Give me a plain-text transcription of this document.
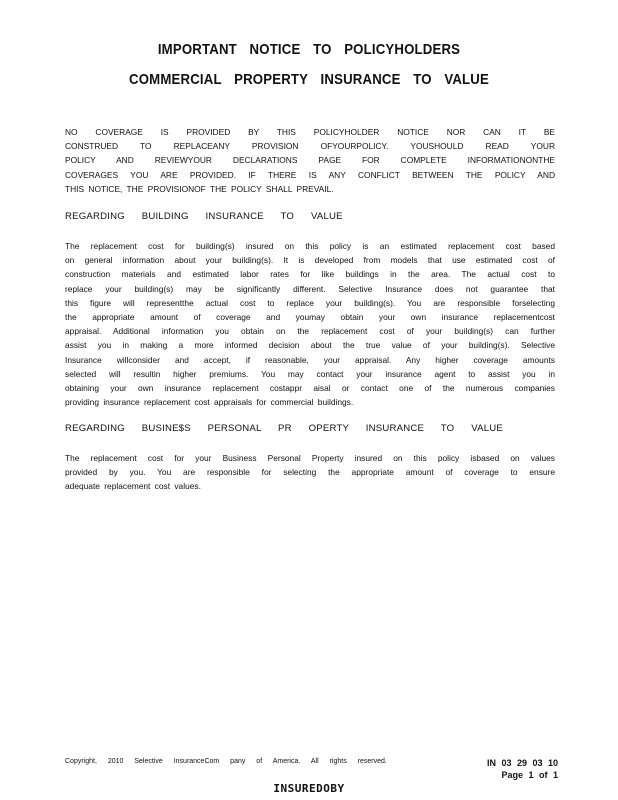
IMPORTANT NOTICE TO POLICYHOLDERS
COMMERCIAL PROPERTY INSURANCE TO VALUE
NO COVERAGE IS PROVIDED BY THIS POLICYHOLDER NOTICE NOR CAN IT BE
CONSTRUED TO REPLACEANY PROVISION OFYOURPOLICY. YOUSHOULD READ YOUR
POLICY AND REVIEWYOUR DECLARATIONS PAGE FOR COMPLETE INFORMATIONONTHE
COVERAGES YOU ARE PROVIDED. IF THERE IS ANY CONFLICT BETWEEN THE POLICY AND
THIS NOTICE, THE PROVISIONOF THE POLICY SHALL PREVAIL.
REGARDING BUILDING INSURANCE TO VALUE
The replacement cost for building(s) insured on this policy is an estimated replacement cost based
on general information about your building(s). It is developed from models that use estimated cost of
construction materials and estimated labor rates for like buildings in the area. The actual cost to
replace your building(s) may be significantly different. Selective Insurance does not guarantee that
this figure will representthe actual cost to replace your building(s). You are responsible forselecting
the appropriate amount of coverage and youmay obtain your own insurance replacementcost
appraisal. Additional information you obtain on the replacement cost of your building(s) can further
assist you in making a more informed decision about the true value of your building(s). Selective
Insurance willconsider and accept, if reasonable, your appraisal. Any higher coverage amounts
selected will resultin higher premiums. You may contact your insurance agent to assist you in
obtaining your own insurance replacement costappr aisal or contact one of the numerous companies
providing insurance replacement cost appraisals for commercial buildings.
REGARDING BUSINE$S PERSONAL PR OPERTY INSURANCE TO VALUE
The replacement cost for your Business Personal Property insured on this policy isbased on values
provided by you. You are responsible for selecting the appropriate amount of coverage to ensure
adequate replacement cost values.
Copyright, 2010 Selective InsuranceCom pany of America. All rights reserved.	IN 03 29 03 10
Page 1 of 1
INSUREDOBY
